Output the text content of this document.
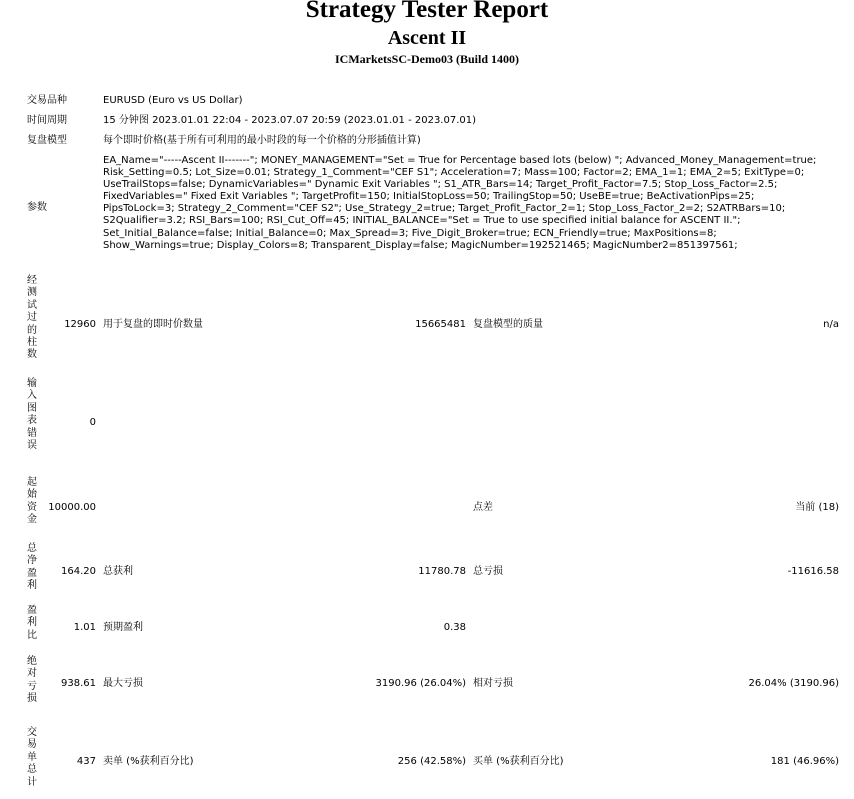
Strategy Tester Report
Ascent II
ICMarketsSC-Demo03 (Build 1400)
交易品种	EURUSD (Euro vs US Dollar)
时间周期	15 分钟图 2023.01.01 22:04 - 2023.07.07 20:59 (2023.01.01 - 2023.07.01)
复盘模型	每个即时价格(基于所有可利用的最小时段的每一个价格的分形插值计算)
参数
EA_Name="-----Ascent II-------"; MONEY_MANAGEMENT="Set = True for Percentage based lots (below) "; Advanced_Money_Management=true; Risk_Setting=0.5; Lot_Size=0.01; Strategy_1_Comment="CEF S1"; Acceleration=7; Mass=100; Factor=2; EMA_1=1; EMA_2=5; ExitType=0; UseTrailStops=false; DynamicVariables=" Dynamic Exit Variables "; S1_ATR_Bars=14; Target_Profit_Factor=7.5; Stop_Loss_Factor=2.5; FixedVariables=" Fixed Exit Variables "; TargetProfit=150; InitialStopLoss=50; TrailingStop=50; UseBE=true; BeActivationPips=25; PipsToLock=3; Strategy_2_Comment="CEF S2"; Use_Strategy_2=true; Target_Profit_Factor_2=1; Stop_Loss_Factor_2=2; S2ATRBars=10; S2Qualifier=3.2; RSI_Bars=100; RSI_Cut_Off=45; INITIAL_BALANCE="Set = True to use specified initial balance for ASCENT II."; Set_Initial_Balance=false; Initial_Balance=0; Max_Spread=3; Five_Digit_Broker=true; ECN_Friendly=true; MaxPositions=8; Show_Warnings=true; Display_Colors=8; Transparent_Display=false; MagicNumber=192521465; MagicNumber2=851397561;
经测试过的柱数
12960 用于复盘的即时价数量	15665481 复盘模型的质量	n/a
输入图表错误
0
起始资金
10000.00	点差	当前 (18)
总净盈利
164.20 总获利	11780.78 总亏损	-11616.58
盈利比
1.01 预期盈利	0.38
绝对亏损
938.61 最大亏损	3190.96 (26.04%) 相对亏损	26.04% (3190.96)
交易单总计
437 卖单 (%获利百分比)	256 (42.58%) 买单 (%获利百分比)	181 (46.96%)
